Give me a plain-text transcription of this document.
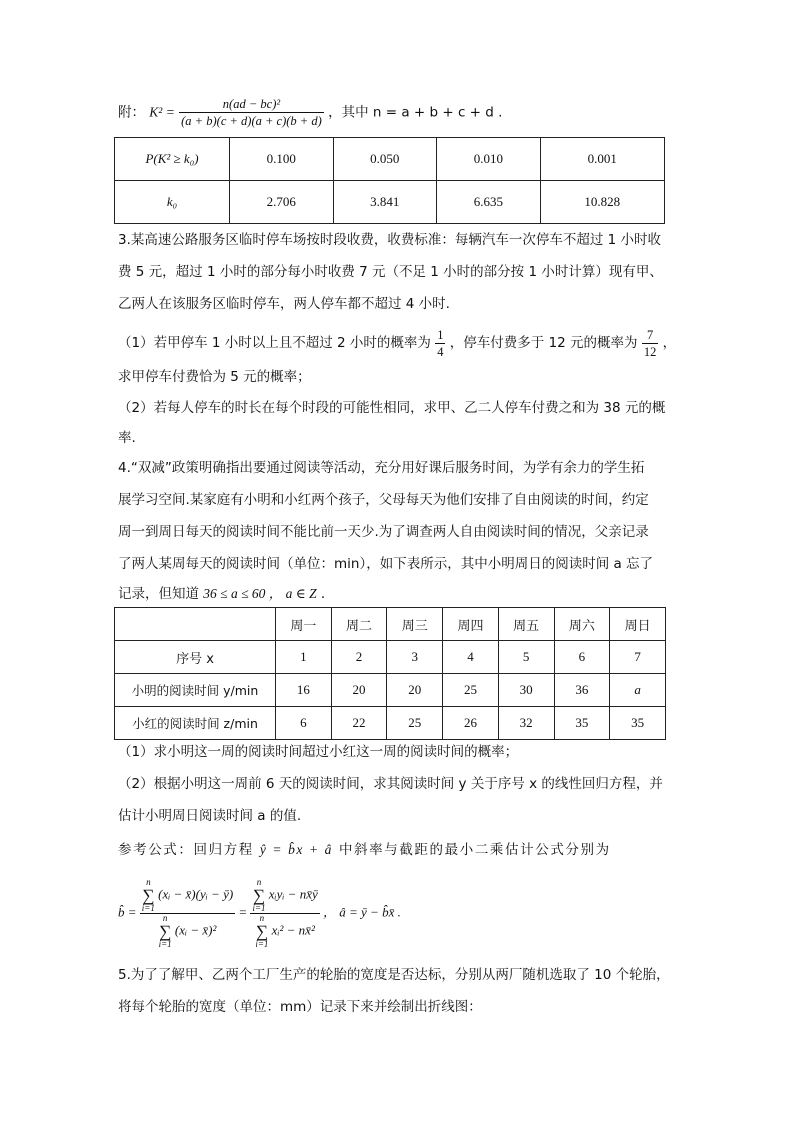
附： $K^2 = \frac{\text{n(ad − bc)²}}{(a + b)(c + d)(a + c)(b + d)}$ ，其中 n = a + b + c + d .
P(K² ≥ k₀)	0.100	0.050	0.010	0.001
k₀	2.706	3.841	6.635	10.828
3.某高速公路服务区临时停车场按时段收费，收费标准：每辆汽车一次停车不超过 1 小时收
费 5 元，超过 1 小时的部分每小时收费 7 元（不足 1 小时的部分按 1 小时计算）现有甲、
乙两人在该服务区临时停车，两人停车都不超过 4 小时.
（1）若甲停车 1 小时以上且不超过 2 小时的概率为 $\frac{1}{4}$ ，停车付费多于 12 元的概率为 $\frac{7}{12}$ ，
求甲停车付费恰为 5 元的概率；
（2）若每人停车的时长在每个时段的可能性相同，求甲、乙二人停车付费之和为 38 元的概
率.
4.“双减”政策明确指出要通过阅读等活动，充分用好课后服务时间，为学有余力的学生拓
展学习空间.某家庭有小明和小红两个孩子，父母每天为他们安排了自由阅读的时间，约定
周一到周日每天的阅读时间不能比前一天少.为了调查两人自由阅读时间的情况，父亲记录
了两人某周每天的阅读时间（单位：min），如下表所示，其中小明周日的阅读时间 a 忘了
记录，但知道 36 ≤ a ≤ 60 ， a ∈ Z .
	周一	周二	周三	周四	周五	周六	周日
序号 x	1	2	3	4	5	6	7
小明的阅读时间 y/min	16	20	20	25	30	36	a
小红的阅读时间 z/min	6	22	25	26	32	35	35
（1）求小明这一周的阅读时间超过小红这一周的阅读时间的概率；
（2）根据小明这一周前 6 天的阅读时间，求其阅读时间 y 关于序号 x 的线性回归方程，并
估计小明周日阅读时间 a 的值.
参考公式：回归方程 ŷ = b̂x + â 中斜率与截距的最小二乘估计公式分别为
b̂ = n
∑
i=1 (xᵢ − x̄)(yᵢ − ȳ)
n
∑
i=1 (xᵢ − x̄)² = n
∑
i=1 xᵢyᵢ − nx̄ȳ
n
∑
i=1 xᵢ² − nx̄² ， â = ȳ − b̂x̄ .
5.为了了解甲、乙两个工厂生产的轮胎的宽度是否达标，分别从两厂随机选取了 10 个轮胎，
将每个轮胎的宽度（单位：mm）记录下来并绘制出折线图：
